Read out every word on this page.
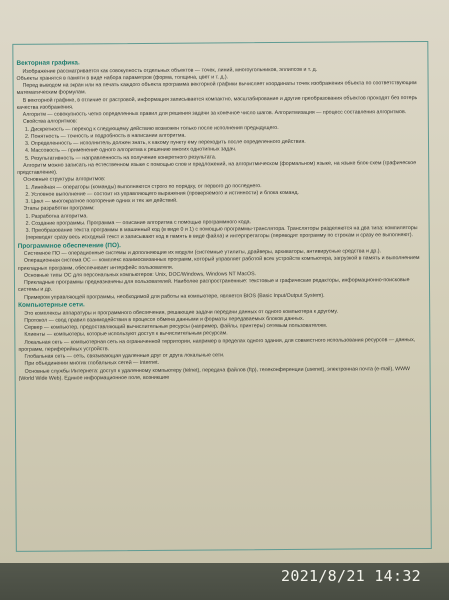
Векторная графика.

Изображение рассматривается как совокупность отдельных объектов — точек, линий, многоугольников, эллипсов и т. д.

Объекты хранятся в памяти в виде набора параметров (форма, толщина, цвет и т. д.).

Перед выводом на экран или на печать каждого объекта программа векторной графики вычисляет координаты точек изображения объекта по соответствующим математическим формулам.

В векторной графике, в отличие от растровой, информация записывается компактно, масштабирование и другие преобразования объектов проходят без потерь качества изображения.

Алгоритм — совокупность четко определенных правил для решения задачи за конечное число шагов. Алгоритмизация — процесс составления алгоритмов.

Свойства алгоритмов:

1. Дискретность — переход к следующему действию возможен только после исполнения предыдущего.

2. Понятность — точность и подробность в написании алгоритма.

3. Определенность — исполнитель должен знать, к какому пункту ему переходить после определенного действия.

4. Массовость — применение одного алгоритма к решению многих однотипных задач.

5. Результативность — направленность на получение конкретного результата.

Алгоритм можно записать на естественном языке с помощью слов и предложений, на алгоритмическом (формальном) языке, на языке блок-схем (графическое представление).

Основные структуры алгоритмов:

1. Линейная — операторы (команды) выполняются строго по порядку, от первого до последнего.

2. Условное выполнение — состоит из управляющего выражения (проверяемого и истинности) и блока команд.

3. Цикл — многократное повторение одних и тех же действий.

Этапы разработки программ:

1. Разработка алгоритма.

2. Создание программы. Программа — описание алгоритма с помощью программного кода.

3. Преобразование текста программы в машинный код (в виде 0 и 1) с помощью программы-транслятора. Трансляторы разделяются на два типа: компиляторы (переводят сразу весь исходный текст и записывают код в память в виде файла) и интерпретаторы (переводят программу по строкам и сразу ее выполняют).

Программное обеспечение (ПО).

Системное ПО — операционные системы и дополняющие их модули (системные утилиты, драйверы, архиваторы, антивирусные средства и др.).

Операционная система ОС — комплекс взаимосвязанных программ, который управляет работой всех устройств компьютера, загрузкой в память и выполнением прикладных программ, обеспечивает интерфейс пользователя.

Основные типы ОС для персональных компьютеров: Unix, DOC/Windows, Windows NT MacOS.

Прикладные программы предназначены для пользователей. Наиболее распространенные: текстовые и графические редакторы, информационно-поисковые системы и др.

Примером управляющей программы, необходимой для работы на компьютере, является BIOS (Basic Input/Output System).

Компьютерные сети.

Это комплексы аппаратуры и программного обеспечения, решающие задачи передачи данных от одного компьютера к другому.

Протокол — свод правил взаимодействия в процессе обмена данными и форматы передаваемых блоков данных.

Сервер — компьютер, предоставляющий вычислительные ресурсы (например, файлы, принтеры) сетевым пользователям.

Клиенты — компьютеры, которые используют доступ к вычислительным ресурсам.

Локальная сеть — компьютерная сеть на ограниченной территории, например в пределах одного здания, для совместного использования ресурсов — данных, программ, периферийных устройств.

Глобальная сеть — сеть, связывающая удаленные друг от друга локальные сети.

При объединении многих глобальных сетей — Internet.

Основные службы Интернета: доступ к удаленному компьютеру (telnet), передача файлов (ftp), телеконференции (usenet), электронная почта (e-mail), WWW (World Wide Web). Единое информационное поле, возникшее

2021/8/21 14:32
